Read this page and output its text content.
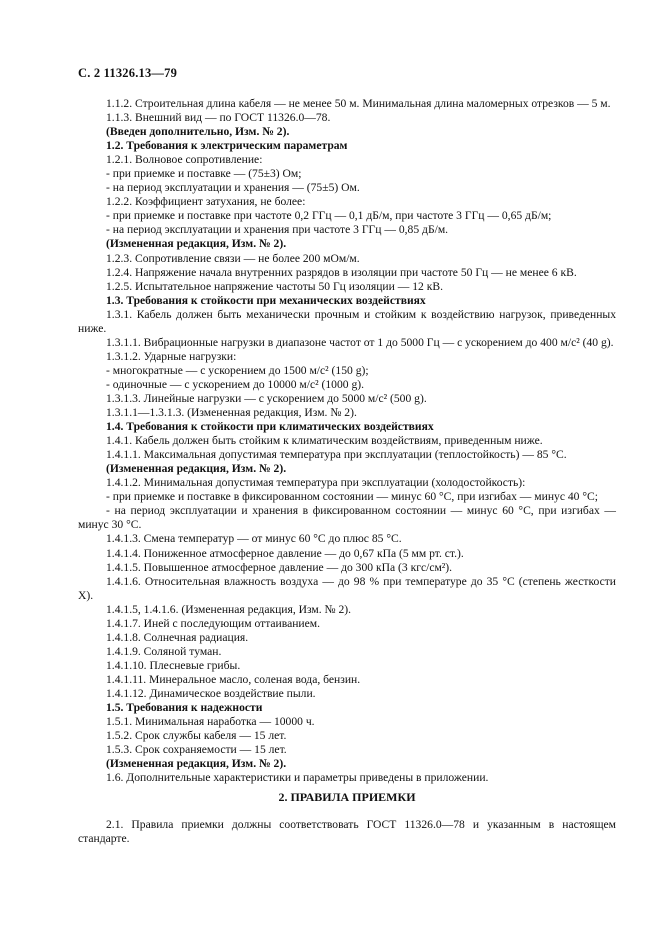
С. 2 11326.13—79

1.1.2. Строительная длина кабеля — не менее 50 м. Минимальная длина маломерных отрезков — 5 м.

1.1.3. Внешний вид — по ГОСТ 11326.0—78.

(Введен дополнительно, Изм. № 2).

1.2. Требования к электрическим параметрам

1.2.1. Волновое сопротивление:

- при приемке и поставке — (75±3) Ом;

- на период эксплуатации и хранения — (75±5) Ом.

1.2.2. Коэффициент затухания, не более:

- при приемке и поставке при частоте 0,2 ГГц — 0,1 дБ/м, при частоте 3 ГГц — 0,65 дБ/м;

- на период эксплуатации и хранения при частоте 3 ГГц — 0,85 дБ/м.

(Измененная редакция, Изм. № 2).

1.2.3. Сопротивление связи — не более 200 мОм/м.

1.2.4. Напряжение начала внутренних разрядов в изоляции при частоте 50 Гц — не менее 6 кВ.

1.2.5. Испытательное напряжение частоты 50 Гц изоляции — 12 кВ.

1.3. Требования к стойкости при механических воздействиях

1.3.1. Кабель должен быть механически прочным и стойким к воздействию нагрузок, приведенных ниже.

1.3.1.1. Вибрационные нагрузки в диапазоне частот от 1 до 5000 Гц — с ускорением до 400 м/с² (40 g).

1.3.1.2. Ударные нагрузки:

- многократные — с ускорением до 1500 м/с² (150 g);

- одиночные — с ускорением до 10000 м/с² (1000 g).

1.3.1.3. Линейные нагрузки — с ускорением до 5000 м/с² (500 g).

1.3.1.1—1.3.1.3. (Измененная редакция, Изм. № 2).

1.4. Требования к стойкости при климатических воздействиях

1.4.1. Кабель должен быть стойким к климатическим воздействиям, приведенным ниже.

1.4.1.1. Максимальная допустимая температура при эксплуатации (теплостойкость) — 85 °С.

(Измененная редакция, Изм. № 2).

1.4.1.2. Минимальная допустимая температура при эксплуатации (холодостойкость):

- при приемке и поставке в фиксированном состоянии — минус 60 °С, при изгибах — минус 40 °С;

- на период эксплуатации и хранения в фиксированном состоянии — минус 60 °С, при изгибах — минус 30 °С.

1.4.1.3. Смена температур — от минус 60 °С до плюс 85 °С.

1.4.1.4. Пониженное атмосферное давление — до 0,67 кПа (5 мм рт. ст.).

1.4.1.5. Повышенное атмосферное давление — до 300 кПа (3 кгс/см²).

1.4.1.6. Относительная влажность воздуха — до 98 % при температуре до 35 °С (степень жесткости X).

1.4.1.5, 1.4.1.6. (Измененная редакция, Изм. № 2).

1.4.1.7. Иней с последующим оттаиванием.

1.4.1.8. Солнечная радиация.

1.4.1.9. Соляной туман.

1.4.1.10. Плесневые грибы.

1.4.1.11. Минеральное масло, соленая вода, бензин.

1.4.1.12. Динамическое воздействие пыли.

1.5. Требования к надежности

1.5.1. Минимальная наработка — 10000 ч.

1.5.2. Срок службы кабеля — 15 лет.

1.5.3. Срок сохраняемости — 15 лет.

(Измененная редакция, Изм. № 2).

1.6. Дополнительные характеристики и параметры приведены в приложении.

2. ПРАВИЛА ПРИЕМКИ

2.1. Правила приемки должны соответствовать ГОСТ 11326.0—78 и указанным в настоящем стандарте.
